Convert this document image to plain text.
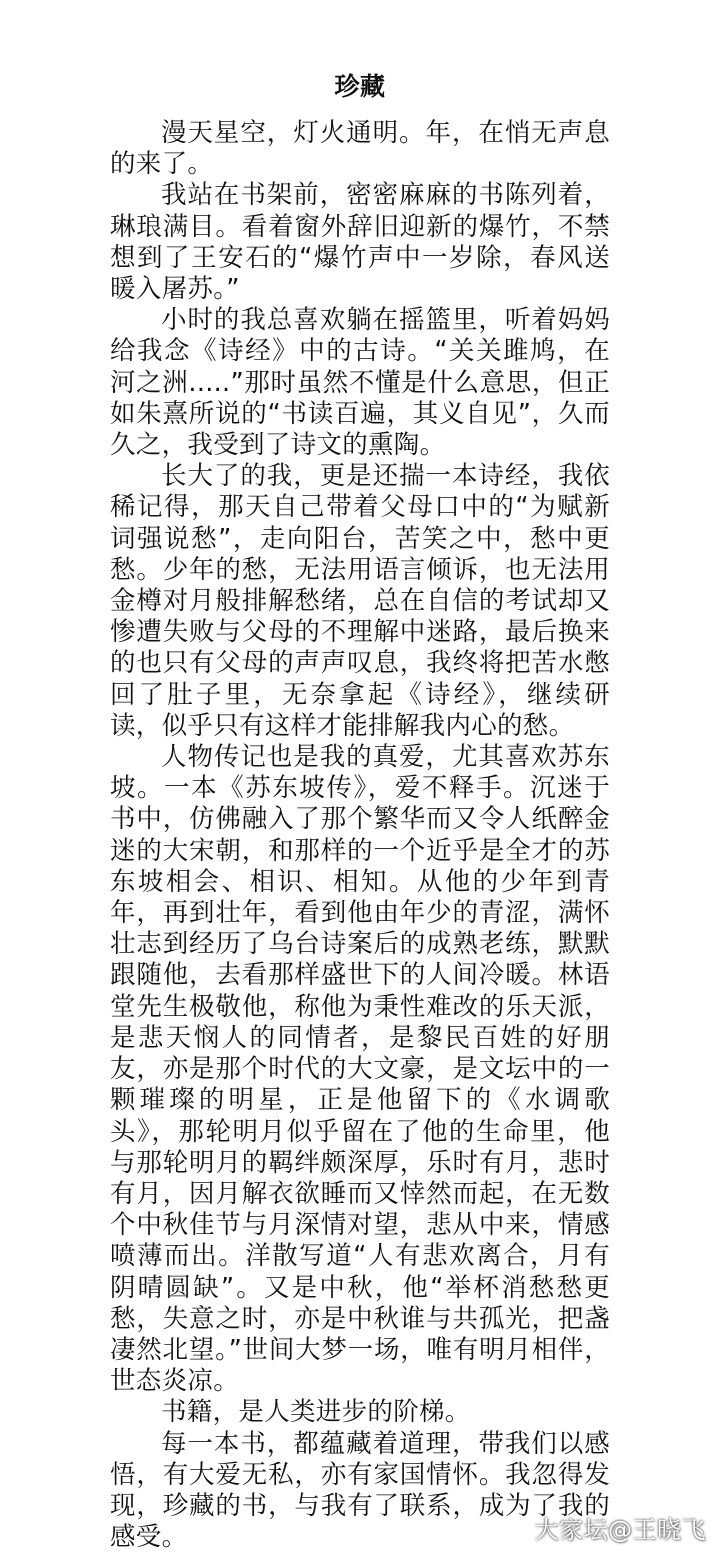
珍藏

漫天星空，灯火通明。年，在悄无声息的来了。

我站在书架前，密密麻麻的书陈列着，琳琅满目。看着窗外辞旧迎新的爆竹，不禁想到了王安石的“爆竹声中一岁除，春风送暖入屠苏。”

小时的我总喜欢躺在摇篮里，听着妈妈给我念《诗经》中的古诗。“关关雎鸠，在河之洲.....”那时虽然不懂是什么意思，但正如朱熹所说的“书读百遍，其义自见”，久而久之，我受到了诗文的熏陶。

长大了的我，更是还揣一本诗经，我依稀记得，那天自己带着父母口中的“为赋新词强说愁”，走向阳台，苦笑之中，愁中更愁。少年的愁，无法用语言倾诉，也无法用金樽对月般排解愁绪，总在自信的考试却又惨遭失败与父母的不理解中迷路，最后换来的也只有父母的声声叹息，我终将把苦水憋回了肚子里，无奈拿起《诗经》，继续研读，似乎只有这样才能排解我内心的愁。

人物传记也是我的真爱，尤其喜欢苏东坡。一本《苏东坡传》，爱不释手。沉迷于书中，仿佛融入了那个繁华而又令人纸醉金迷的大宋朝，和那样的一个近乎是全才的苏东坡相会、相识、相知。从他的少年到青年，再到壮年，看到他由年少的青涩，满怀壮志到经历了乌台诗案后的成熟老练，默默跟随他，去看那样盛世下的人间冷暖。林语堂先生极敬他，称他为秉性难改的乐天派，是悲天悯人的同情者，是黎民百姓的好朋友，亦是那个时代的大文豪，是文坛中的一颗璀璨的明星，正是他留下的《水调歌头》，那轮明月似乎留在了他的生命里，他与那轮明月的羁绊颇深厚，乐时有月，悲时有月，因月解衣欲睡而又悻然而起，在无数个中秋佳节与月深情对望，悲从中来，情感喷薄而出。洋散写道“人有悲欢离合，月有阴晴圆缺”。又是中秋，他“举杯消愁愁更愁，失意之时，亦是中秋谁与共孤光，把盏凄然北望。”世间大梦一场，唯有明月相伴，世态炎凉。

书籍，是人类进步的阶梯。

每一本书，都蕴藏着道理，带我们以感悟，有大爱无私，亦有家国情怀。我忽得发现，珍藏的书，与我有了联系，成为了我的感受。	大家坛@王晓飞
